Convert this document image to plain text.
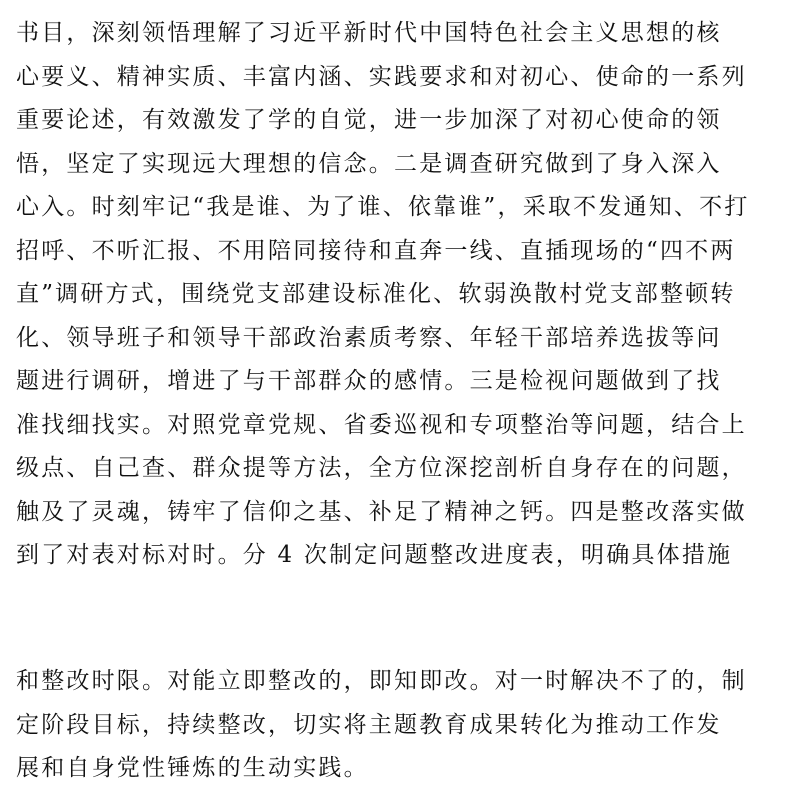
书目，深刻领悟理解了习近平新时代中国特色社会主义思想的核
心要义、精神实质、丰富内涵、实践要求和对初心、使命的一系列
重要论述，有效激发了学的自觉，进一步加深了对初心使命的领
悟，坚定了实现远大理想的信念。二是调查研究做到了身入深入
心入。时刻牢记“我是谁、为了谁、依靠谁”，采取不发通知、不打
招呼、不听汇报、不用陪同接待和直奔一线、直插现场的“四不两
直”调研方式，围绕党支部建设标准化、软弱涣散村党支部整顿转
化、领导班子和领导干部政治素质考察、年轻干部培养选拔等问
题进行调研，增进了与干部群众的感情。三是检视问题做到了找
准找细找实。对照党章党规、省委巡视和专项整治等问题，结合上
级点、自己查、群众提等方法，全方位深挖剖析自身存在的问题，
触及了灵魂，铸牢了信仰之基、补足了精神之钙。四是整改落实做
到了对表对标对时。分 4 次制定问题整改进度表，明确具体措施
和整改时限。对能立即整改的，即知即改。对一时解决不了的，制
定阶段目标，持续整改，切实将主题教育成果转化为推动工作发
展和自身党性锤炼的生动实践。
